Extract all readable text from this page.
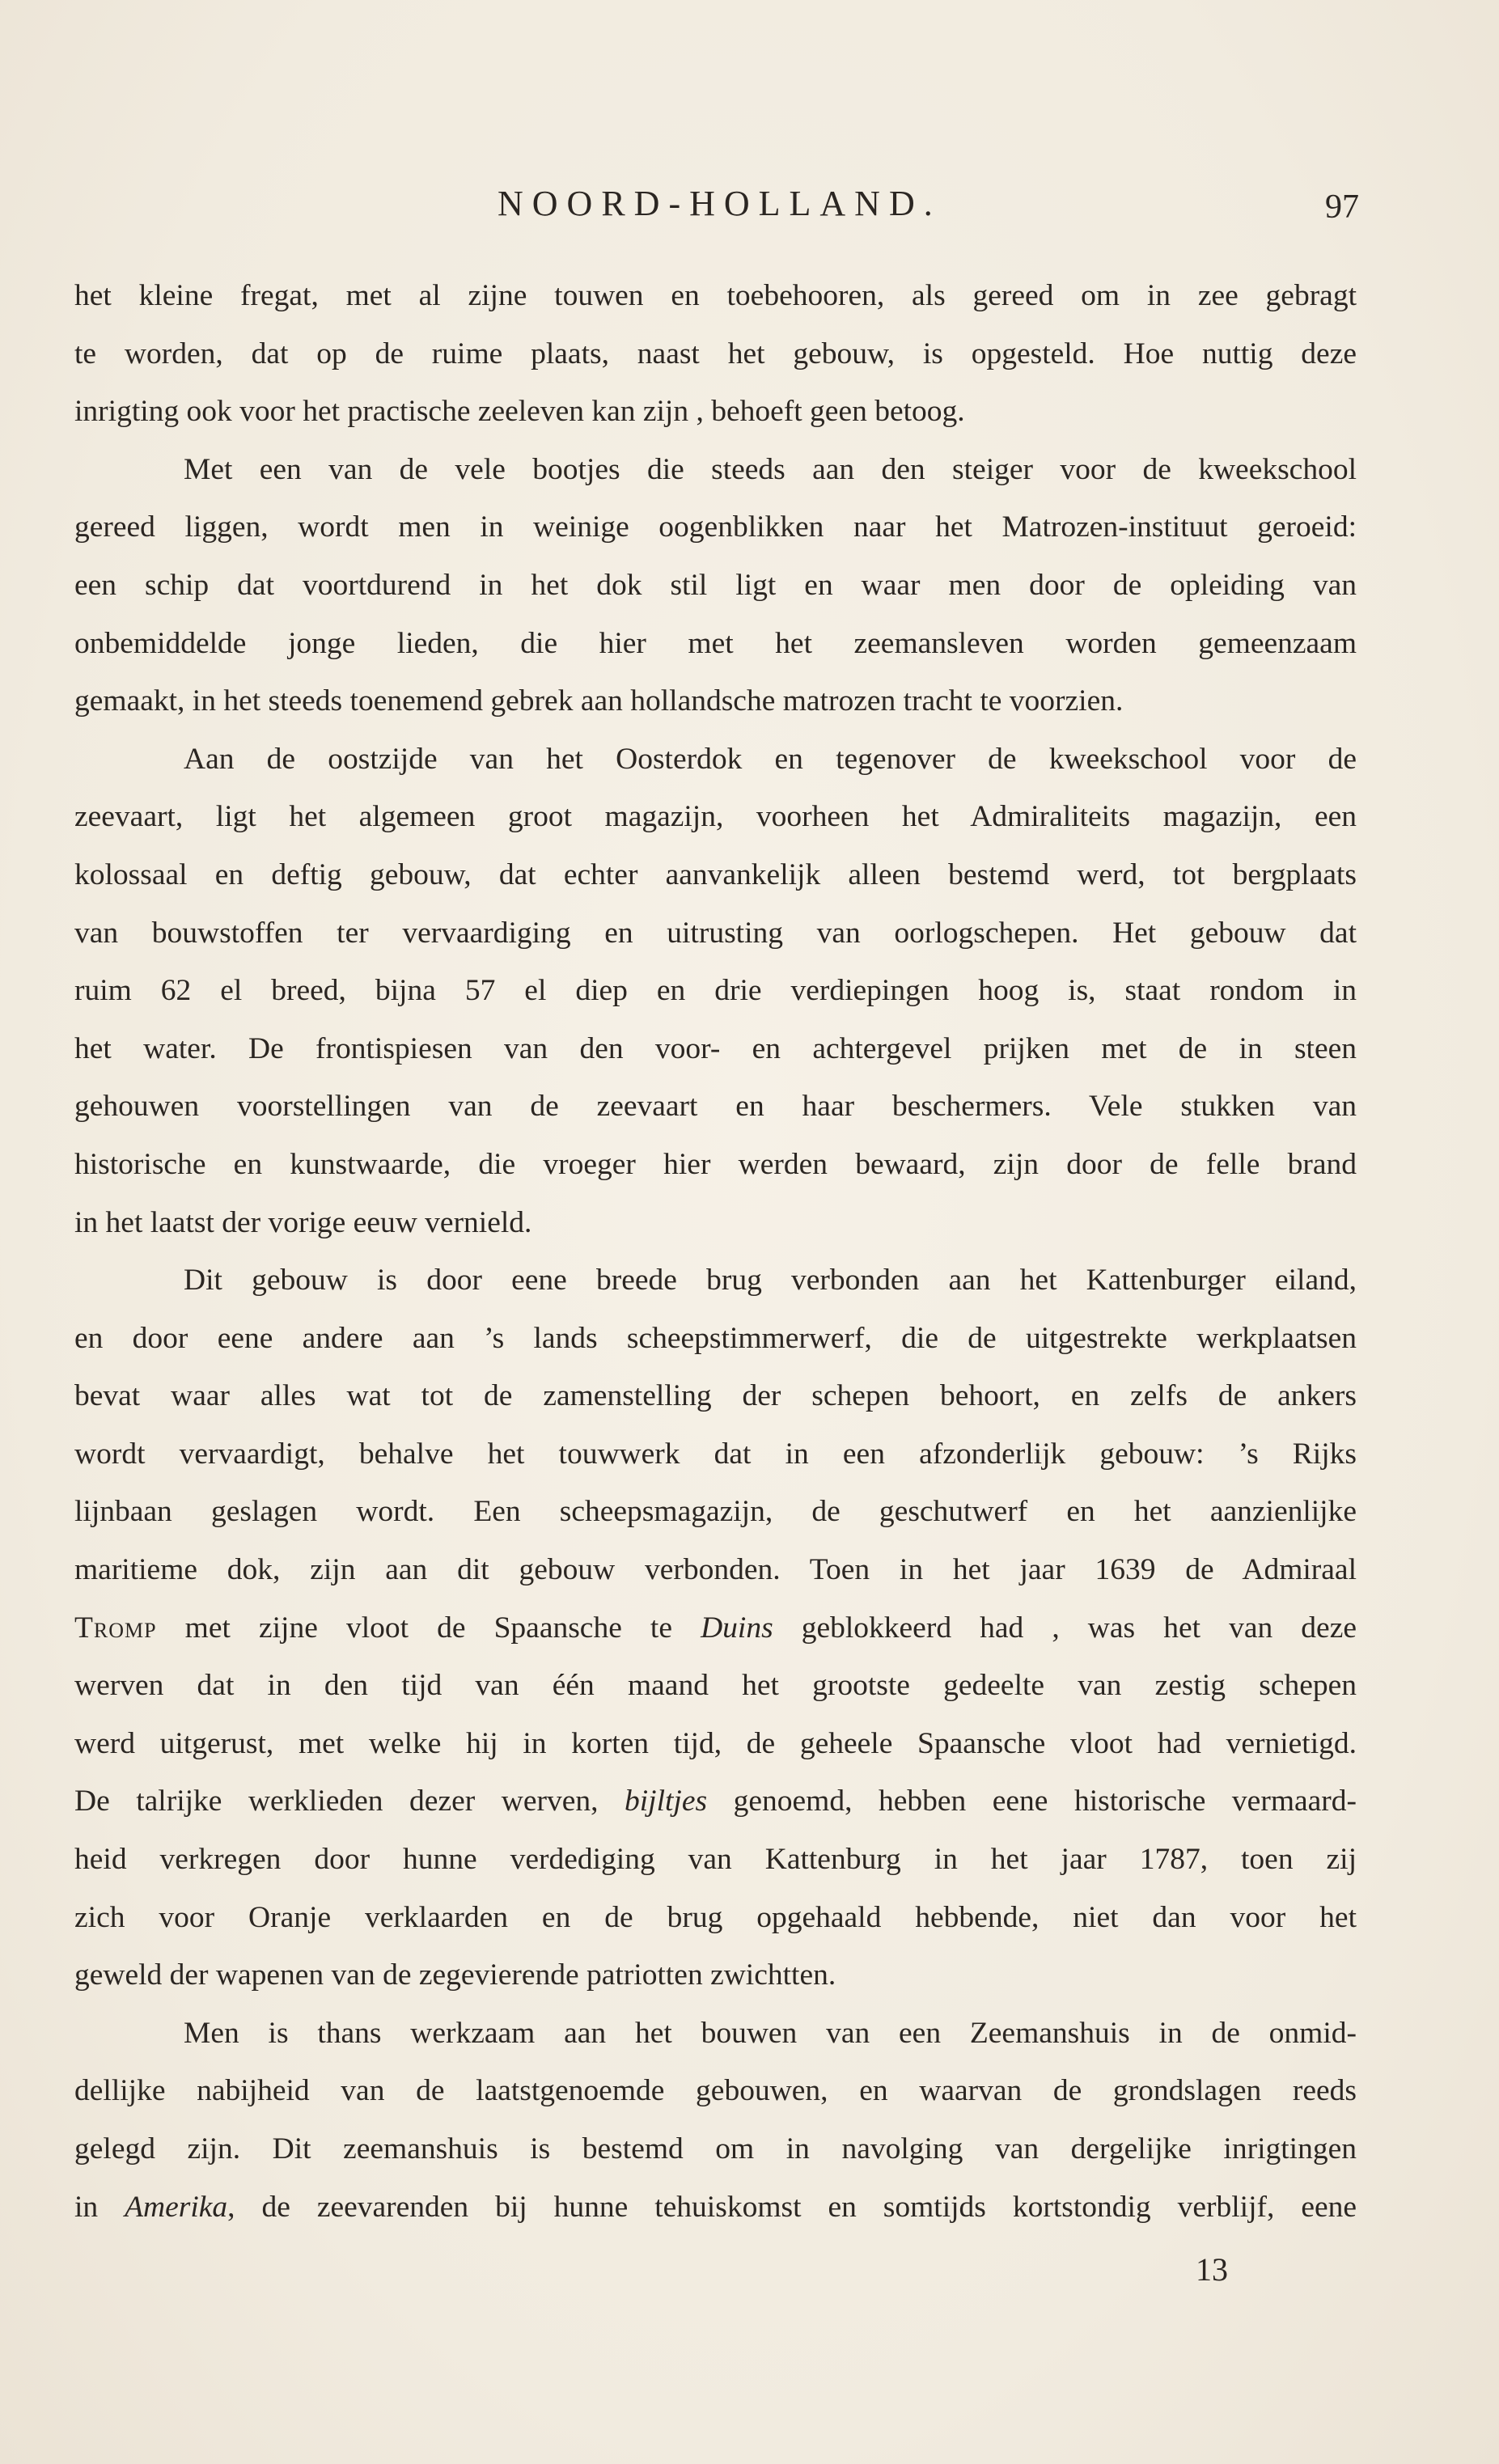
NOORD-HOLLAND.	97
het kleine fregat, met al zijne touwen en toebehooren, als gereed om in zee gebragt
te worden, dat op de ruime plaats, naast het gebouw, is opgesteld. Hoe nuttig deze
inrigting ook voor het practische zeeleven kan zijn , behoeft geen betoog.
Met een van de vele bootjes die steeds aan den steiger voor de kweekschool
gereed liggen, wordt men in weinige oogenblikken naar het Matrozen-instituut geroeid:
een schip dat voortdurend in het dok stil ligt en waar men door de opleiding van
onbemiddelde jonge lieden, die hier met het zeemansleven worden gemeenzaam
gemaakt, in het steeds toenemend gebrek aan hollandsche matrozen tracht te voorzien.
Aan de oostzijde van het Oosterdok en tegenover de kweekschool voor de
zeevaart, ligt het algemeen groot magazijn, voorheen het Admiraliteits magazijn, een
kolossaal en deftig gebouw, dat echter aanvankelijk alleen bestemd werd, tot bergplaats
van bouwstoffen ter vervaardiging en uitrusting van oorlogschepen. Het gebouw dat
ruim 62 el breed, bijna 57 el diep en drie verdiepingen hoog is, staat rondom in
het water. De frontispiesen van den voor- en achtergevel prijken met de in steen
gehouwen voorstellingen van de zeevaart en haar beschermers. Vele stukken van
historische en kunstwaarde, die vroeger hier werden bewaard, zijn door de felle brand
in het laatst der vorige eeuw vernield.
Dit gebouw is door eene breede brug verbonden aan het Kattenburger eiland,
en door eene andere aan ’s lands scheepstimmerwerf, die de uitgestrekte werkplaatsen
bevat waar alles wat tot de zamenstelling der schepen behoort, en zelfs de ankers
wordt vervaardigt, behalve het touwwerk dat in een afzonderlijk gebouw: ’s Rijks
lijnbaan geslagen wordt. Een scheepsmagazijn, de geschutwerf en het aanzienlijke
maritieme dok, zijn aan dit gebouw verbonden. Toen in het jaar 1639 de Admiraal
Tromp met zijne vloot de Spaansche te Duins geblokkeerd had , was het van deze
werven dat in den tijd van één maand het grootste gedeelte van zestig schepen
werd uitgerust, met welke hij in korten tijd, de geheele Spaansche vloot had vernietigd.
De talrijke werklieden dezer werven, bijltjes genoemd, hebben eene historische vermaard-
heid verkregen door hunne verdediging van Kattenburg in het jaar 1787, toen zij
zich voor Oranje verklaarden en de brug opgehaald hebbende, niet dan voor het
geweld der wapenen van de zegevierende patriotten zwichtten.
Men is thans werkzaam aan het bouwen van een Zeemanshuis in de onmid-
dellijke nabijheid van de laatstgenoemde gebouwen, en waarvan de grondslagen reeds
gelegd zijn. Dit zeemanshuis is bestemd om in navolging van dergelijke inrigtingen
in Amerika, de zeevarenden bij hunne tehuiskomst en somtijds kortstondig verblijf, eene
13
